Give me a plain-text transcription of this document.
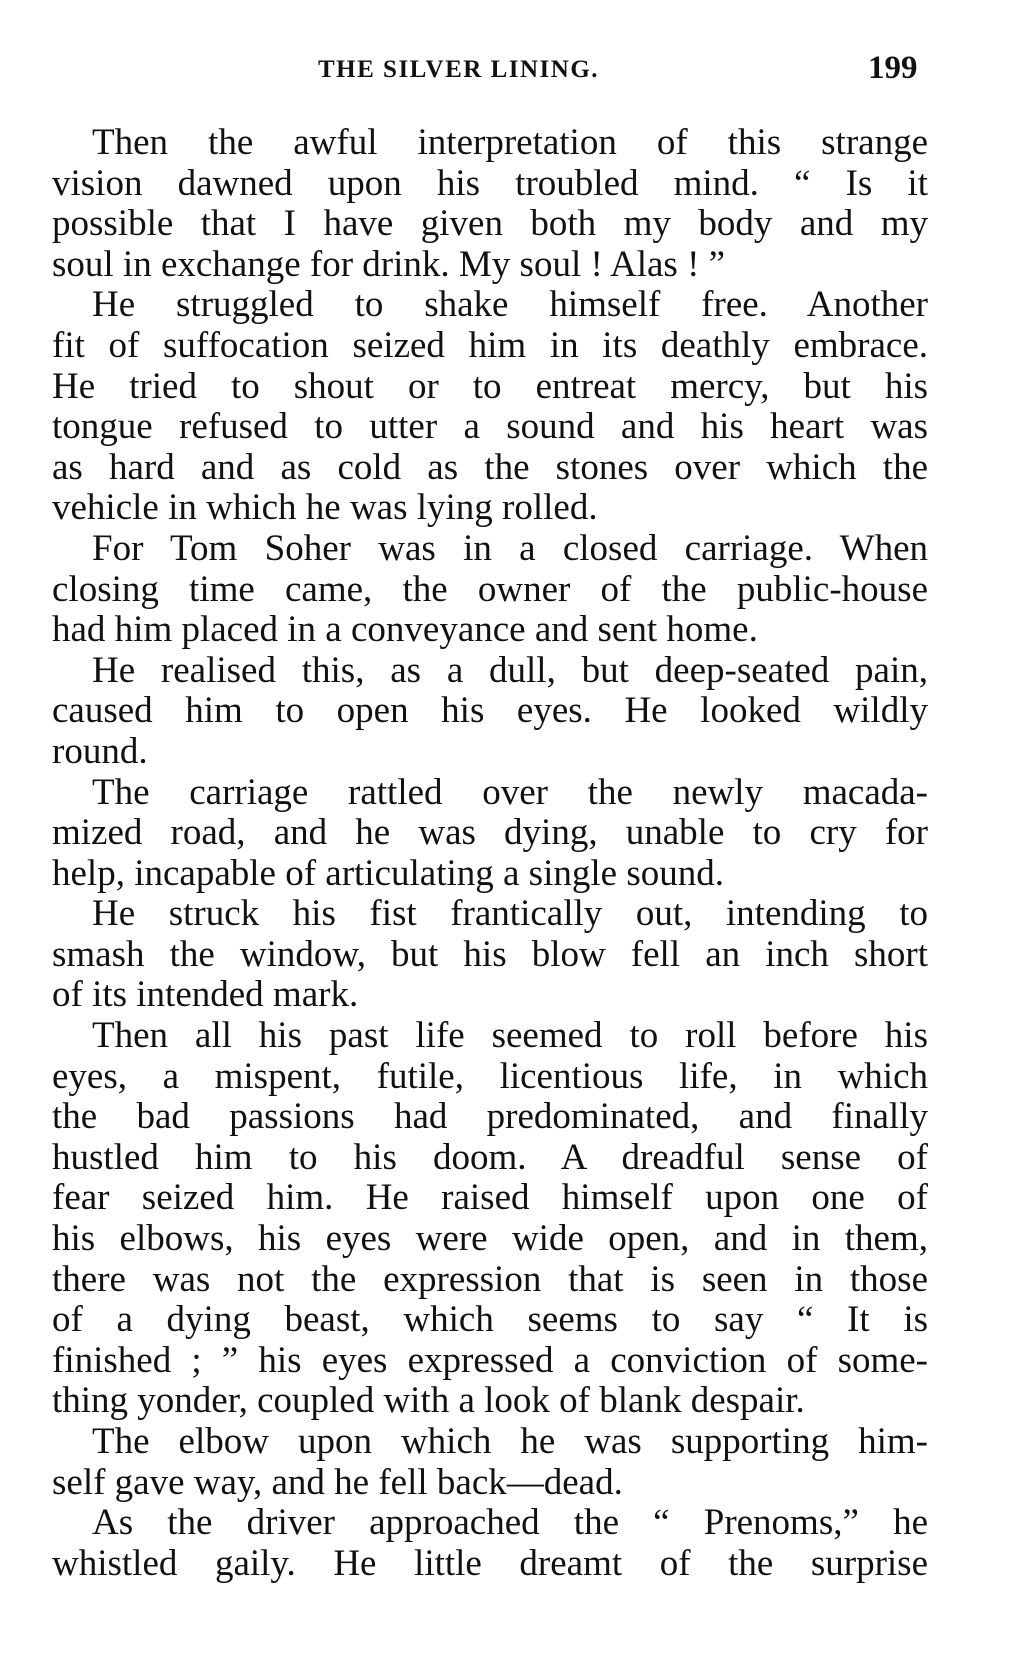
THE SILVER LINING.	199
Then the awful interpretation of this strange
vision dawned upon his troubled mind. “ Is it
possible that I have given both my body and my
soul in exchange for drink. My soul ! Alas ! ”
He struggled to shake himself free. Another
fit of suffocation seized him in its deathly embrace.
He tried to shout or to entreat mercy, but his
tongue refused to utter a sound and his heart was
as hard and as cold as the stones over which the
vehicle in which he was lying rolled.
For Tom Soher was in a closed carriage. When
closing time came, the owner of the public-house
had him placed in a conveyance and sent home.
He realised this, as a dull, but deep-seated pain,
caused him to open his eyes. He looked wildly
round.
The carriage rattled over the newly macada-
mized road, and he was dying, unable to cry for
help, incapable of articulating a single sound.
He struck his fist frantically out, intending to
smash the window, but his blow fell an inch short
of its intended mark.
Then all his past life seemed to roll before his
eyes, a mispent, futile, licentious life, in which
the bad passions had predominated, and finally
hustled him to his doom. A dreadful sense of
fear seized him. He raised himself upon one of
his elbows, his eyes were wide open, and in them,
there was not the expression that is seen in those
of a dying beast, which seems to say “ It is
finished ; ” his eyes expressed a conviction of some-
thing yonder, coupled with a look of blank despair.
The elbow upon which he was supporting him-
self gave way, and he fell back—dead.
As the driver approached the “ Prenoms,” he
whistled gaily. He little dreamt of the surprise
